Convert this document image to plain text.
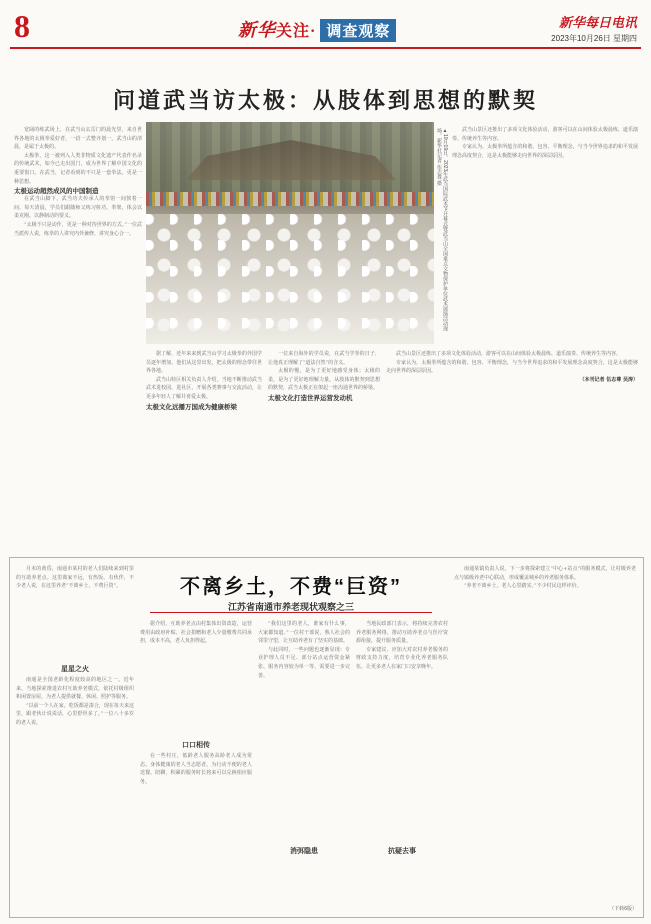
8	新华关注· 调查观察
新华每日电讯
2023年10月26日 星期四
问道武当访太极：从肢体到思想的默契

宽阔的练武场上，在武当山玄岳门的晨光里，来自世界各地的太极拳爱好者，一招一式整齐划一。武当山的清晨，是属于太极的。

太极拳，这一被列入人类非物质文化遗产代表作名录的传统武术，如今已走出国门，成为世界了解中国文化的重要窗口。在武当，记者看到的不只是一套拳法，更是一种思想。

太极运动超然成风的中国制造

在武当山脚下，武当功夫传承人的拳馆一间挨着一间。每天清晨，学员们跟随师父练习桩功、拳架，体会以柔克刚、以静制动的要义。

“太极不只是动作，更是一种对待世界的方式。”一位武当派传人说，练拳的人讲究内外兼修，讲究身心合一。	▲10月19日，2023年武当国际武术节开幕式暨武当山全国重点文物保护单位武术展演活动现场。新华社记者 伍志尊 摄	武当山景区还推出了多项文化体验活动，游客可以在山间体验太极晨练、道乐演奏、传统养生等内容。

专家认为，太极拳所蕴含的和谐、包容、平衡理念，与当今世界追求的和平发展理念高度契合，这是太极能够走向世界的深层原因。

据了解，近年来来到武当山学习太极拳的外国学员逐年增加。他们从这里出发，把太极的理念带往世界各地。

武当山特区相关负责人介绍，当地不断推动武当武术进校园、进社区，开展各类赛事与交流活动，让更多年轻人了解并喜爱太极。

太极文化远播万国成为健康桥梁

一位来自海外的学员说，在武当学拳的日子，让他真正理解了“道法自然”的含义。

太极的慢，是为了更好地感受身体；太极的柔，是为了更好地理解力量。从肢体的默契到思想的默契，武当太极正在架起一座沟通世界的桥梁。

太极文化打造世界运营发动机

武当山景区还推出了多项文化体验活动，游客可以在山间体验太极晨练、道乐演奏、传统养生等内容。

专家认为，太极拳所蕴含的和谐、包容、平衡理念，与当今世界追求的和平发展理念高度契合，这是太极能够走向世界的深层原因。

（本刊记者 伍志尊 吴涛）

月末的黄昏，南通市某村的老人们陆续来到村里的互助养老点。这里离家不远，有热饭、有伙伴，不少老人说，在这里养老“不离乡土，不费巨资”。	不离乡土，不费“巨资”
江苏省南通市养老现状观察之三

南通某镇负责人说，下一步将探索建立“中心+站点”的服务模式，让村级养老点与镇级养老中心联动，形成覆盖城乡的养老服务体系。

“养老不离乡土，老人心里踏实。”不少村民这样评价。

星星之火

南通是全国老龄化程度较高的地区之一。近年来，当地探索推进农村互助养老模式，依托村级组织和闲置房屋，为老人提供就餐、休闲、照护等服务。

“以前一个人在家，吃饭都是凑合，现在每天来这里，跟老伙计说说话，心里舒坦多了。”一位八十多岁的老人说。

据介绍，互助养老点由村集体出资改造，运营费用由政府补贴、社会捐赠和老人少量缴费共同承担，成本不高，老人负担得起。

口口相传

在一些村庄，低龄老人服务高龄老人成为常态。身体健康的老人当志愿者，为行动不便的老人送餐、陪聊，积累的服务时长将来可以兑换相应服务。

“我们这里的老人，谁家有什么事，大家都知道。”一位村干部说，熟人社会的邻里守望，让互助养老有了坚实的基础。

与此同时，一些问题也逐渐显现：专业护理人员不足、部分站点运营资金紧张、服务内容较为单一等，需要进一步完善。

消弭隐患

当地民政部门表示，将持续完善农村养老服务网络，推动互助养老点与医疗资源衔接，提升服务质量。

专家建议，应加大对农村养老服务的财政支持力度，培育专业化养老服务队伍，让更多老人在家门口安享晚年。

抗疑去事
（下转6版）
